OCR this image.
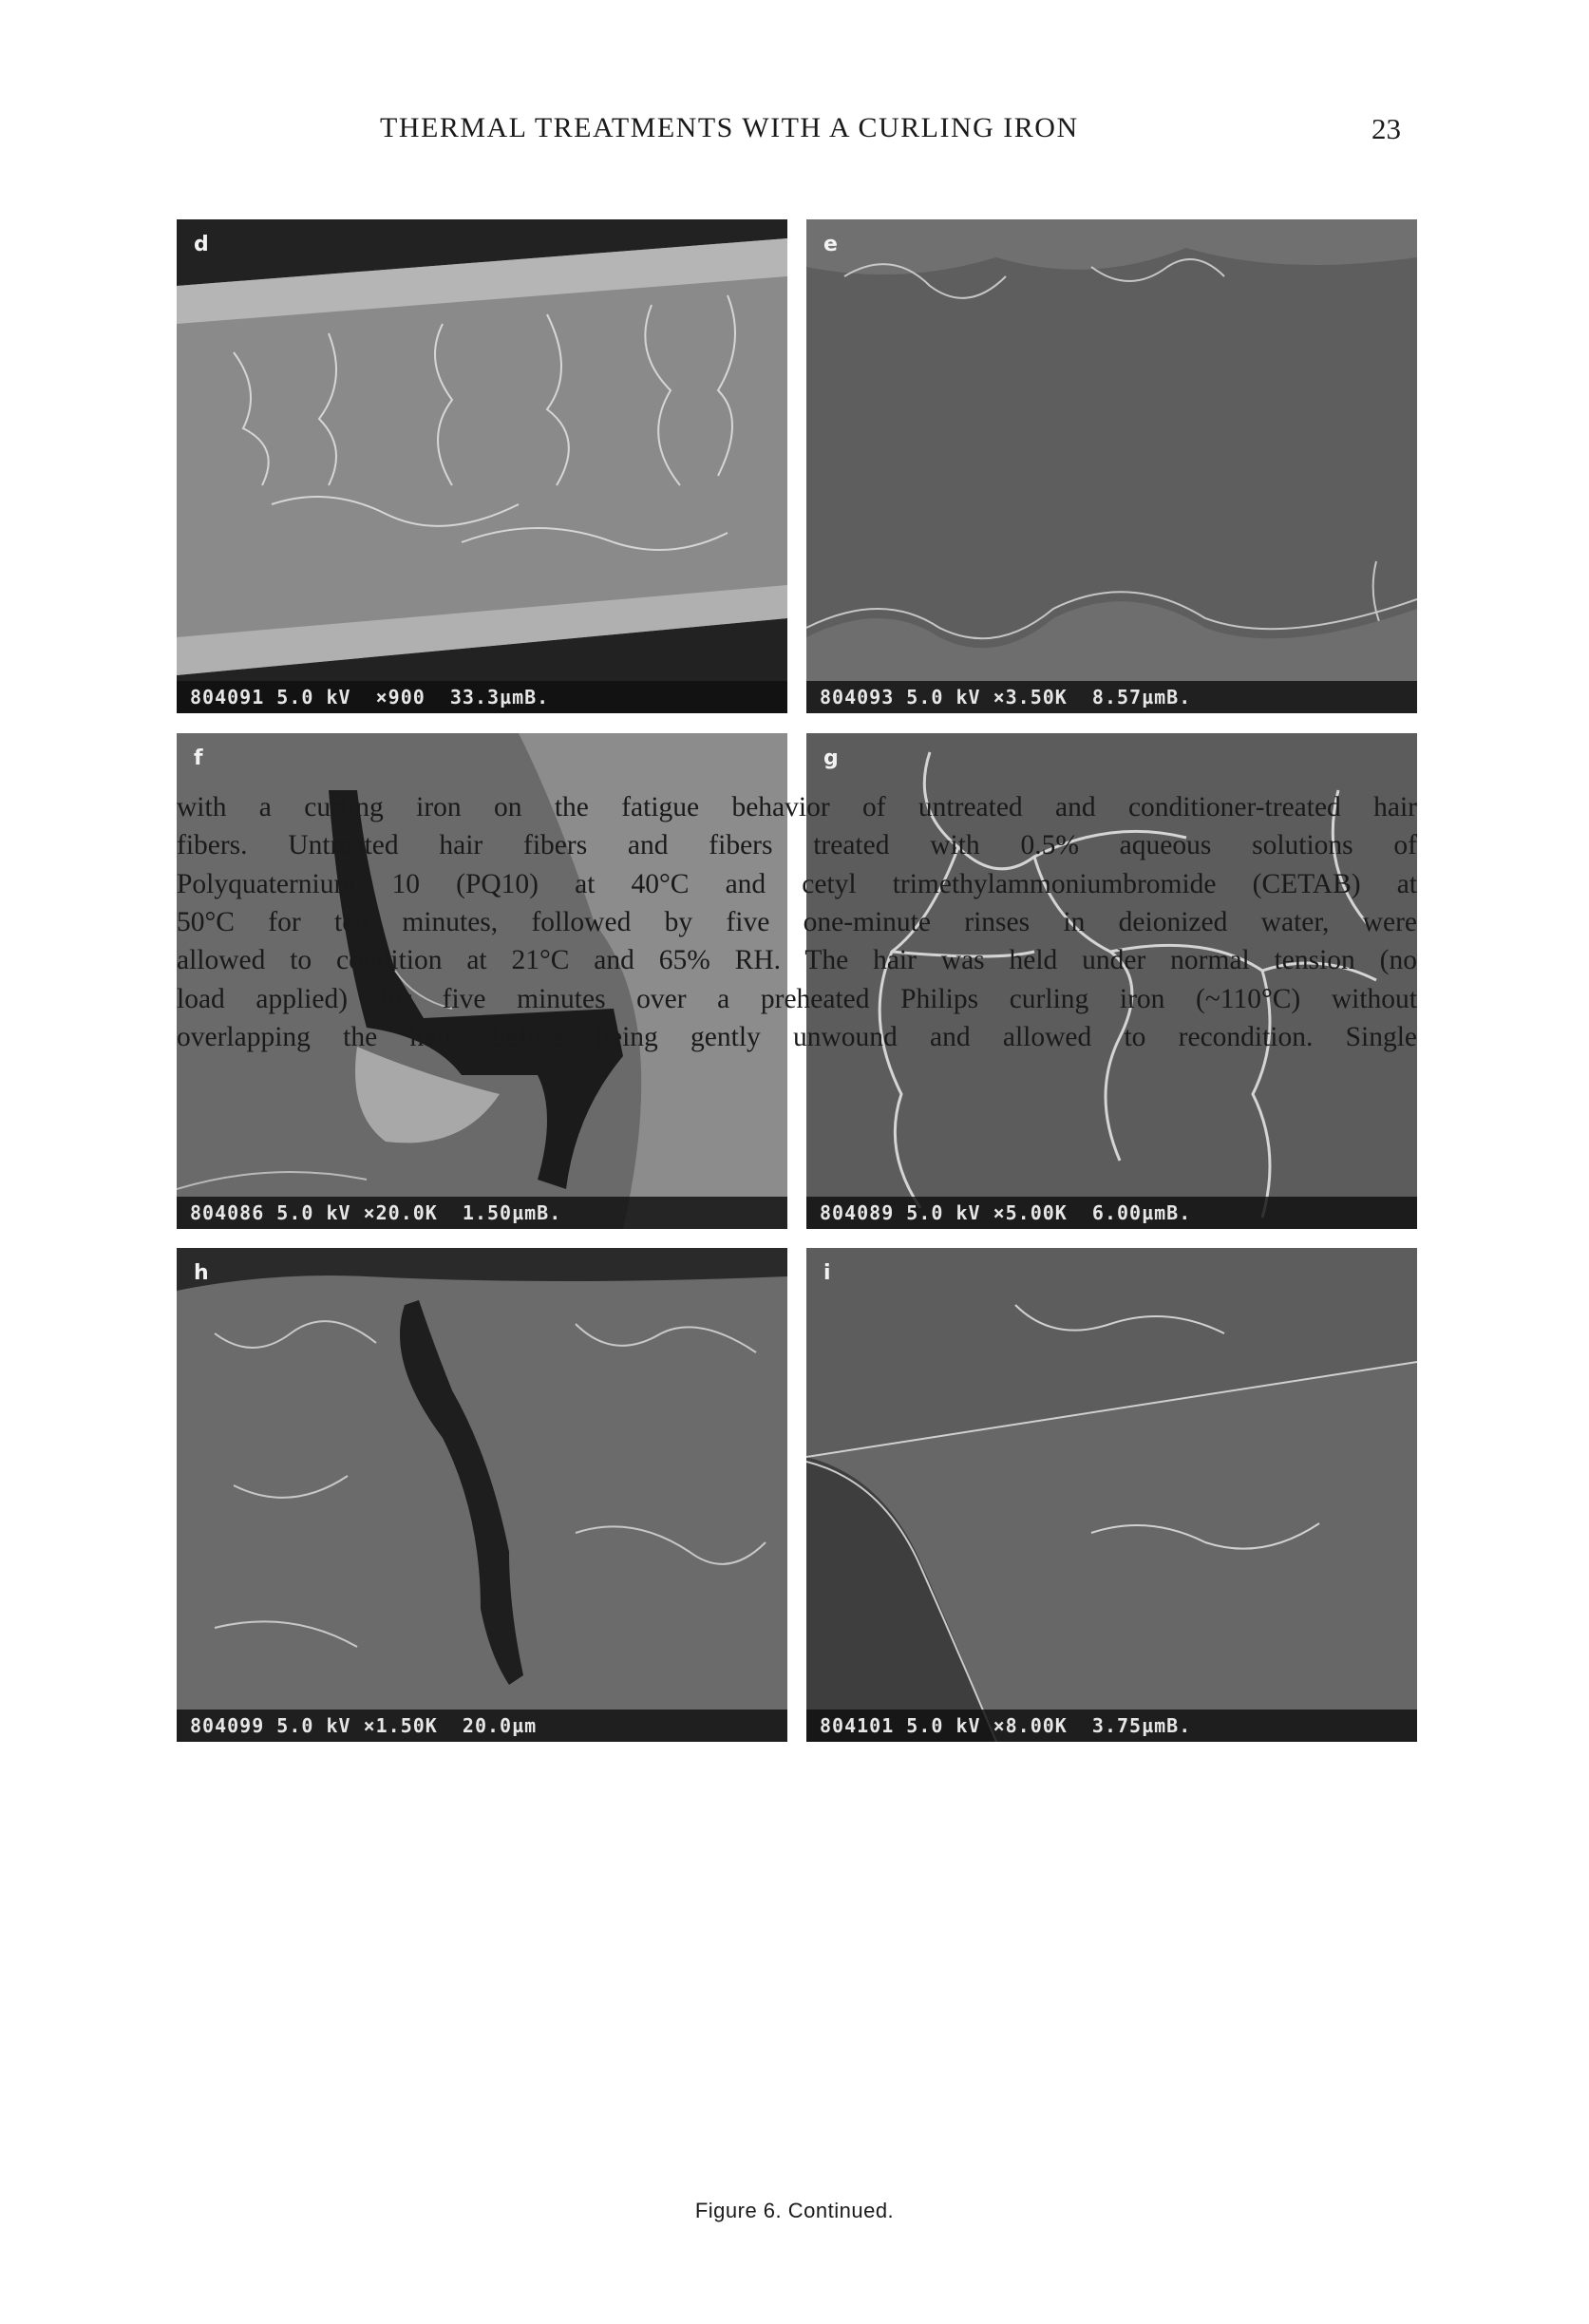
THERMAL TREATMENTS WITH A CURLING IRON	23
d
804091 5.0 kV  ×900  33.3µmB.
e
804093 5.0 kV ×3.50K  8.57µmB.
f
804086 5.0 kV ×20.0K  1.50µmB.
g
804089 5.0 kV ×5.00K  6.00µmB.
h
804099 5.0 kV ×1.50K  20.0µm
i
804101 5.0 kV ×8.00K  3.75µmB.
Figure 6. Continued.
with a curling iron on the fatigue behavior of untreated and conditioner-treated hair
fibers. Untreated hair fibers and fibers treated with 0.5% aqueous solutions of
Polyquaternium 10 (PQ10) at 40°C and cetyl trimethylammoniumbromide (CETAB) at
50°C for ten minutes, followed by five one-minute rinses in deionized water, were
allowed to condition at 21°C and 65% RH. The hair was held under normal tension (no
load applied) for five minutes over a preheated Philips curling iron (~110°C) without
overlapping the hair, before being gently unwound and allowed to recondition. Single
